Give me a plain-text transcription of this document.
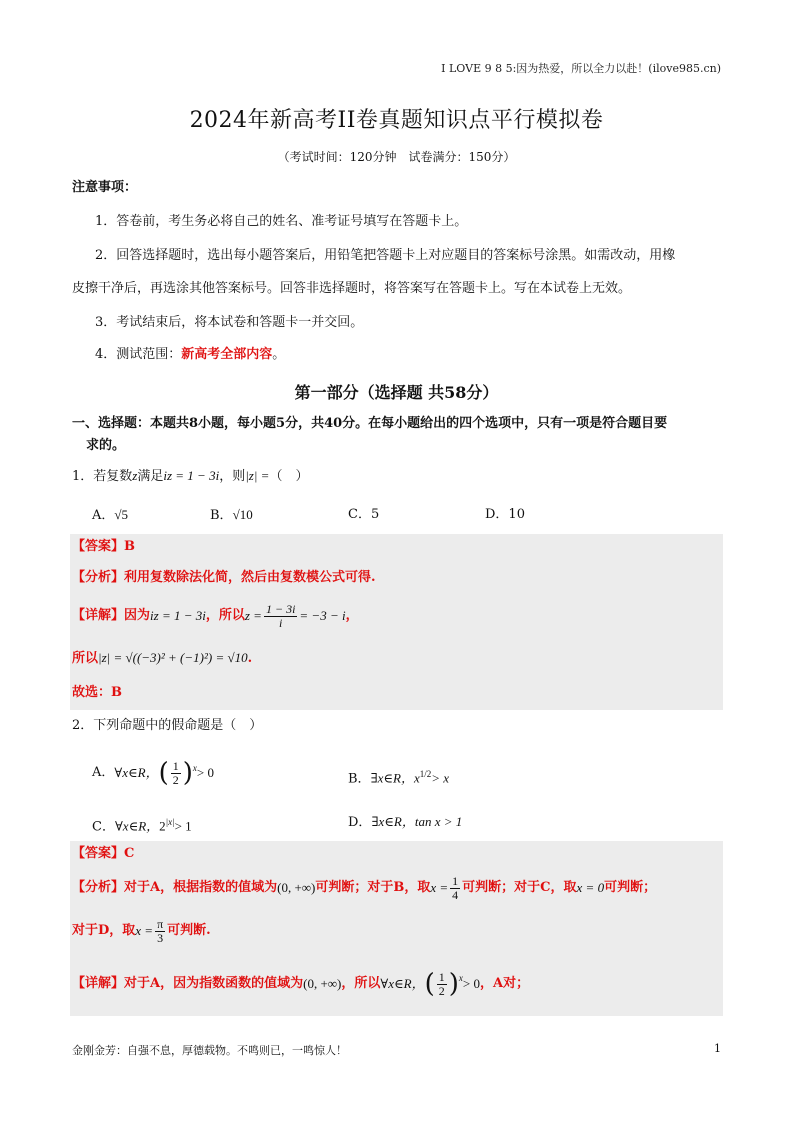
I LOVE 9 8 5:因为热爱，所以全力以赴！(ilove985.cn)
2024年新高考II卷真题知识点平行模拟卷
（考试时间：120分钟　试卷满分：150分）
注意事项：
1．答卷前，考生务必将自己的姓名、准考证号填写在答题卡上。
2．回答选择题时，选出每小题答案后，用铅笔把答题卡上对应题目的答案标号涂黑。如需改动，用橡
皮擦干净后，再选涂其他答案标号。回答非选择题时，将答案写在答题卡上。写在本试卷上无效。
3．考试结束后，将本试卷和答题卡一并交回。
4．测试范围：新高考全部内容。
第一部分（选择题 共58分）
一、选择题：本题共8小题，每小题5分，共40分。在每小题给出的四个选项中，只有一项是符合题目要
求的。
1．若复数z满足iz = 1 − 3i，则|z| =（　）
A．√5	B．√10	C．5	D．10
【答案】B
【分析】利用复数除法化简，然后由复数模公式可得.
【详解】 因为 iz = 1 − 3i ，所以 $z = \frac{1 - 3i}{i} = -3 - i$ ，
所以|z| = √((−3)² + (−1)²) = √10.
故选：B
2．下列命题中的假命题是（　）
A． ∀x∈R， ( $\frac{1}{2} )^x > 0$	B．∃x∈R，$x^{1/2}> x$
C．∀x∈R，$2^{|x|}> 1$	D．∃x∈R，tan x > 1
【答案】C
【分析】 对于A，根据指数的值域为 (0, +∞) 可判断；对于B，取 $x = \frac{1}{4}$ 可判断；对于C，取 x = 0 可判断；
对于D，取 $x = \frac{\pi}{3}$ 可判断.
【详解】 对于A，因为指数函数的值域为 (0, +∞) ，所以 ∀x∈R， ( $\frac{1}{2} )^x > 0$ ，A对；
金刚金芳：自强不息，厚德载物。不鸣则已，一鸣惊人！	1
